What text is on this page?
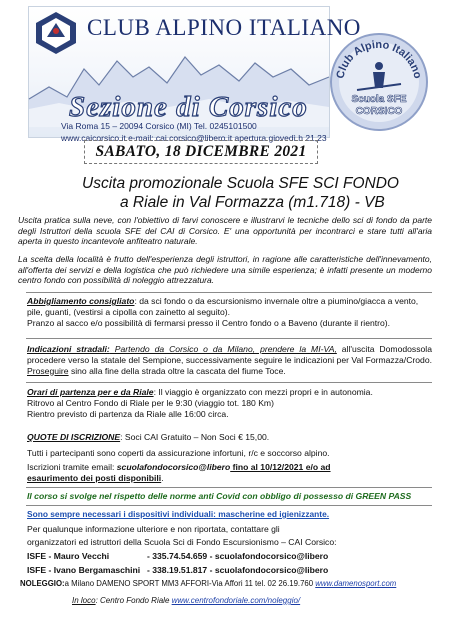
CLUB ALPINO ITALIANO
Sezione di Corsico
Via Roma 15 – 20094 Corsico (MI) Tel. 0245101500
www.caicorsico.it e-mail: cai.corsico@libero.it apertura giovedì h 21,23
Club Alpino Italiano
Scuola SFE
CORSICO
SABATO, 18 DICEMBRE 2021
Uscita promozionale Scuola SFE SCI FONDO
a Riale in Val Formazza (m1.718) - VB
Uscita pratica sulla neve, con l'obiettivo di farvi conoscere e illustrarvi le tecniche dello sci di fondo da parte degli Istruttori della scuola SFE del CAI di Corsico. E' una opportunità per incontrarci e stare tutti all'aria aperta in questo incantevole anfiteatro naturale.
La scelta della località è frutto dell'esperienza degli istruttori, in ragione alle caratteristiche dell'innevamento, all'offerta dei servizi e della logistica che può richiedere una simile esperienza; è infatti presente un moderno centro fondo con possibilità di noleggio attrezzatura.
Abbigliamento consigliato: da sci fondo o da escursionismo invernale oltre a piumino/giacca a vento, pile, guanti, (vestirsi a cipolla con zainetto al seguito).
Pranzo al sacco e/o possibilità di fermarsi presso il Centro fondo o a Baveno (durante il rientro).
Indicazioni stradali: Partendo da Corsico o da Milano, prendere la MI-VA, all'uscita Domodossola procedere verso la statale del Sempione, successivamente seguire le indicazioni per Val Formazza/Crodo. Proseguire sino alla fine della strada oltre la cascata del fiume Toce.
Orari di partenza per e da Riale: Il viaggio è organizzato con mezzi propri e in autonomia.
Ritrovo al Centro Fondo di Riale per le 9:30 (viaggio tot. 180 Km)
Rientro previsto di partenza da Riale alle 16:00 circa.
QUOTE DI ISCRIZIONE: Soci CAI Gratuito – Non Soci € 15,00.
Tutti i partecipanti sono coperti da assicurazione infortuni, r/c e soccorso alpino.
Iscrizioni tramite email: scuolafondocorsico@libero fino al 10/12/2021 e/o ad
esaurimento dei posti disponibili.
Il corso si svolge nel rispetto delle norme anti Covid con obbligo di possesso di GREEN PASS
Sono sempre necessari i dispositivi individuali: mascherine ed igienizzante.
Per qualunque informazione ulteriore e non riportata, contattare gli
organizzatori ed istruttori della Scuola Sci di Fondo Escursionismo – CAI Corsico:
ISFE - Mauro Vecchi	- 335.74.54.659 - scuolafondocorsico@libero
ISFE - Ivano Bergamaschini - 338.19.51.817 - scuolafondocorsico@libero
NOLEGGIO:a Milano DAMENO SPORT MM3 AFFORI-Via Affori 11 tel. 02 26.19.760 www.damenosport.com
In loco: Centro Fondo Riale www.centrofondoriale.com/noleggio/
